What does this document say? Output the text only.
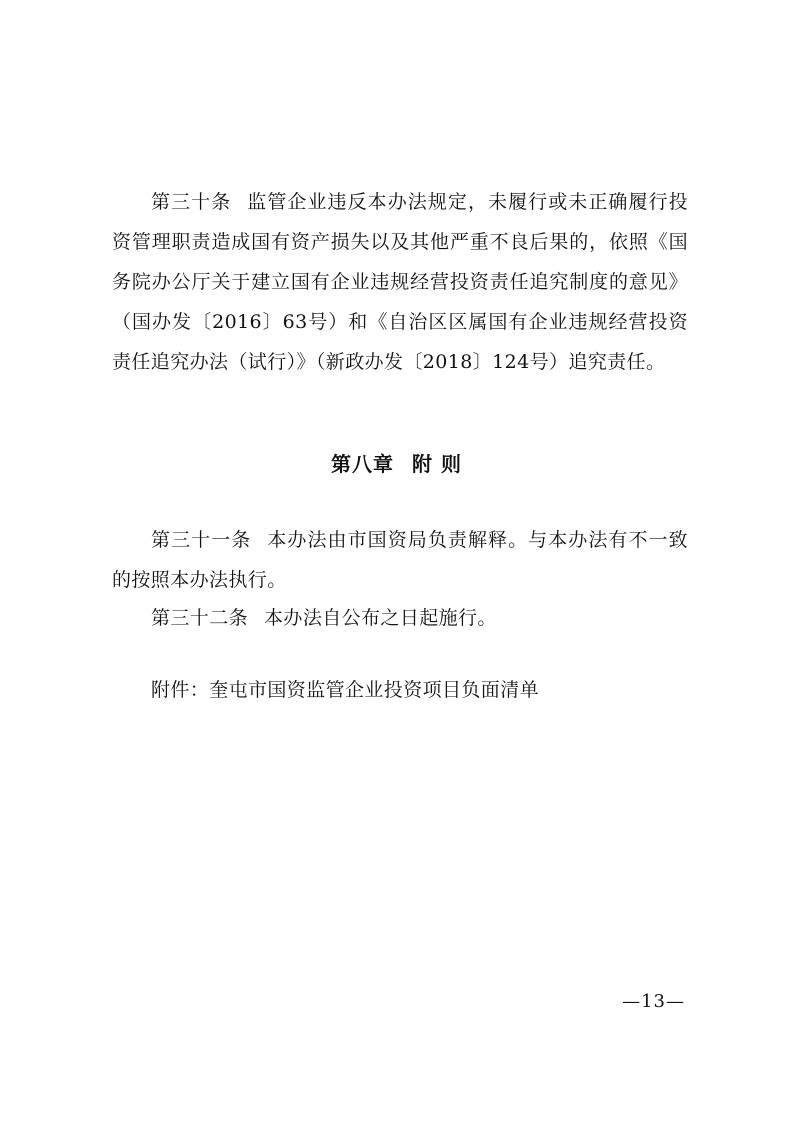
第三十条 监管企业违反本办法规定，未履行或未正确履行投资管理职责造成国有资产损失以及其他严重不良后果的，依照《国务院办公厅关于建立国有企业违规经营投资责任追究制度的意见》（国办发〔2016〕63号）和《自治区区属国有企业违规经营投资责任追究办法（试行）》（新政办发〔2018〕124号）追究责任。

第八章 附 则

第三十一条 本办法由市国资局负责解释。与本办法有不一致的按照本办法执行。

第三十二条 本办法自公布之日起施行。

附件：奎屯市国资监管企业投资项目负面清单

—13—
